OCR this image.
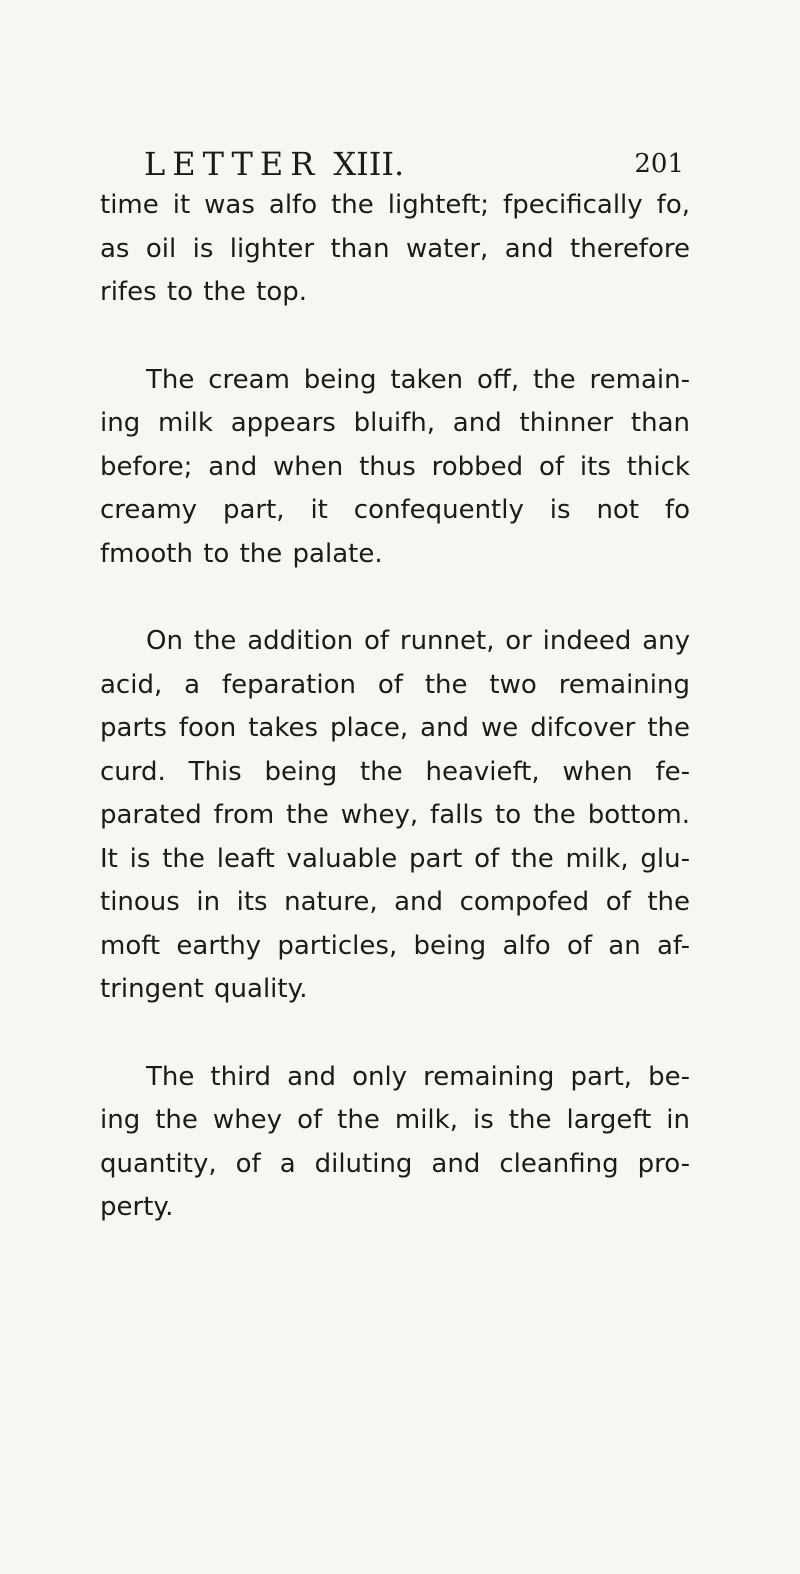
LETTER XIII.	201

time it was alfo the lighteft; fpecifically fo, as oil is lighter than water, and therefore rifes to the top.

The cream being taken off, the remain-ing milk appears bluifh, and thinner than before; and when thus robbed of its thick creamy part, it confequently is not fo fmooth to the palate.

On the addition of runnet, or indeed any acid, a feparation of the two remaining parts foon takes place, and we difcover the curd. This being the heavieft, when fe-parated from the whey, falls to the bottom. It is the leaft valuable part of the milk, glu-tinous in its nature, and compofed of the moft earthy particles, being alfo of an af-tringent quality.

The third and only remaining part, be-ing the whey of the milk, is the largeft in quantity, of a diluting and cleanfing pro-perty.
